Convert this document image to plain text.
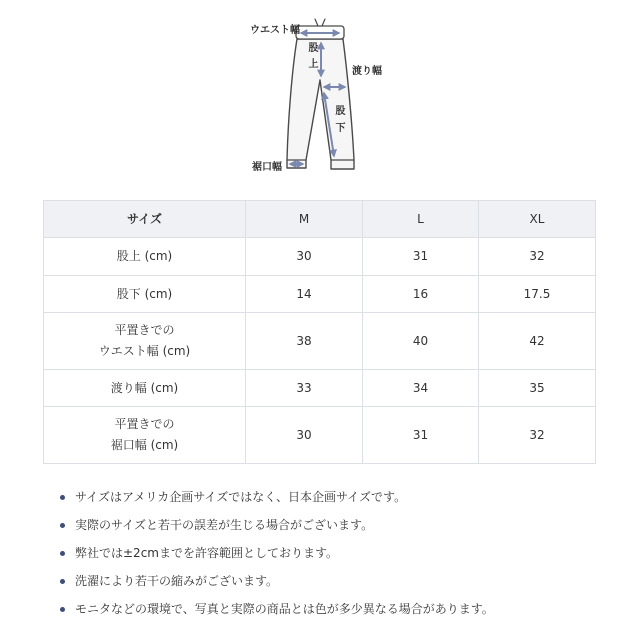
ウエスト幅
股上	渡り幅
股下
裾口幅
サイズ	M	L	XL

股上 (cm)	30	31	32

股下 (cm)	14	16	17.5

平置きでの
ウエスト幅 (cm)	38	40	42

渡り幅 (cm)	33	34	35

平置きでの
裾口幅 (cm)	30	31	32
サイズはアメリカ企画サイズではなく、日本企画サイズです。
実際のサイズと若干の誤差が生じる場合がございます。
弊社では±2cmまでを許容範囲としております。
洗濯により若干の縮みがございます。
モニタなどの環境で、写真と実際の商品とは色が多少異なる場合があります。
